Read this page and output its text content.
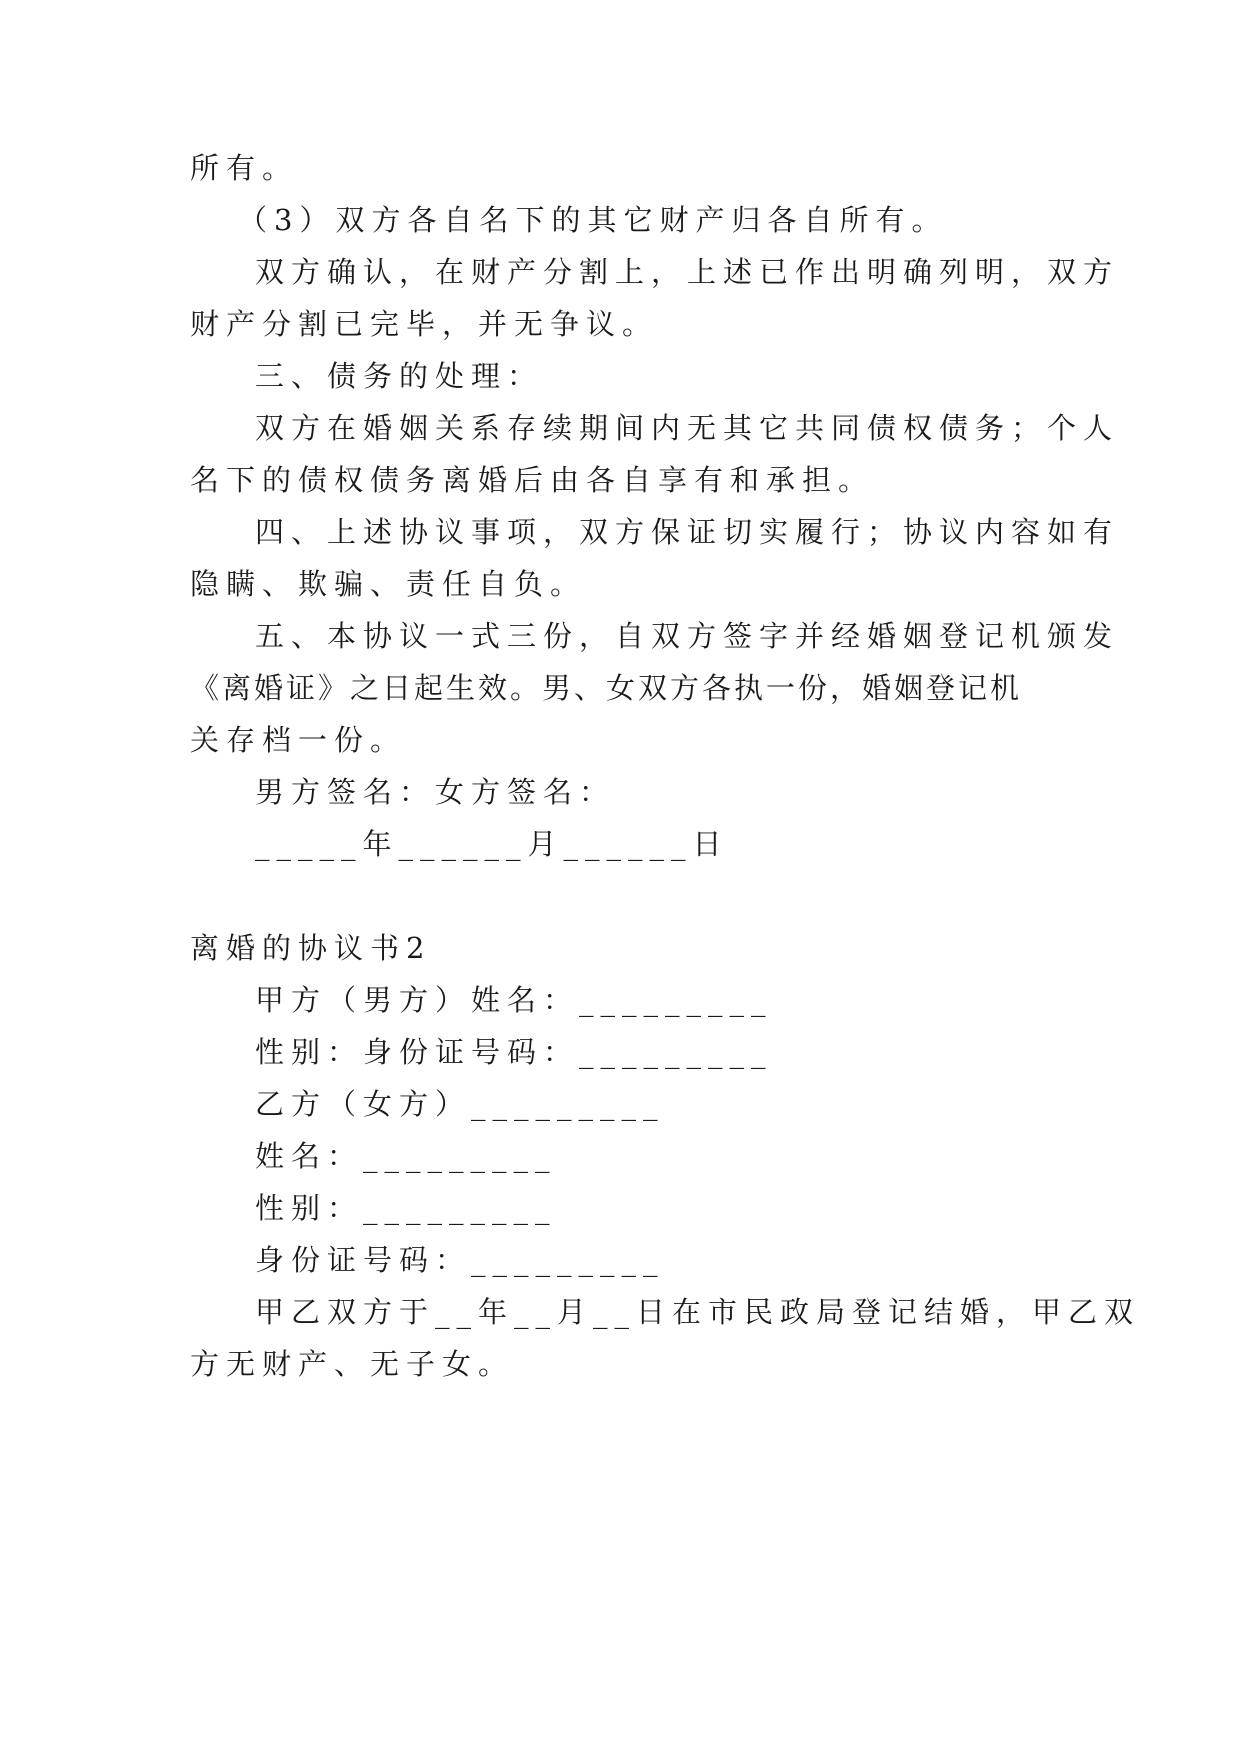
所有。
（3）双方各自名下的其它财产归各自所有。
双方确认，在财产分割上，上述已作出明确列明，双方
财产分割已完毕，并无争议。
三、债务的处理：
双方在婚姻关系存续期间内无其它共同债权债务；个人
名下的债权债务离婚后由各自享有和承担。
四、上述协议事项，双方保证切实履行；协议内容如有
隐瞒、欺骗、责任自负。
五、本协议一式三份，自双方签字并经婚姻登记机颁发
《离婚证》之日起生效。男、女双方各执一份，婚姻登记机
关存档一份。
男方签名：女方签名：
_____年______月______日
离婚的协议书2
甲方（男方）姓名：_________
性别：身份证号码：_________
乙方（女方）_________
姓名：_________
性别：_________
身份证号码：_________
甲乙双方于__年__月__日在市民政局登记结婚，甲乙双
方无财产、无子女。
